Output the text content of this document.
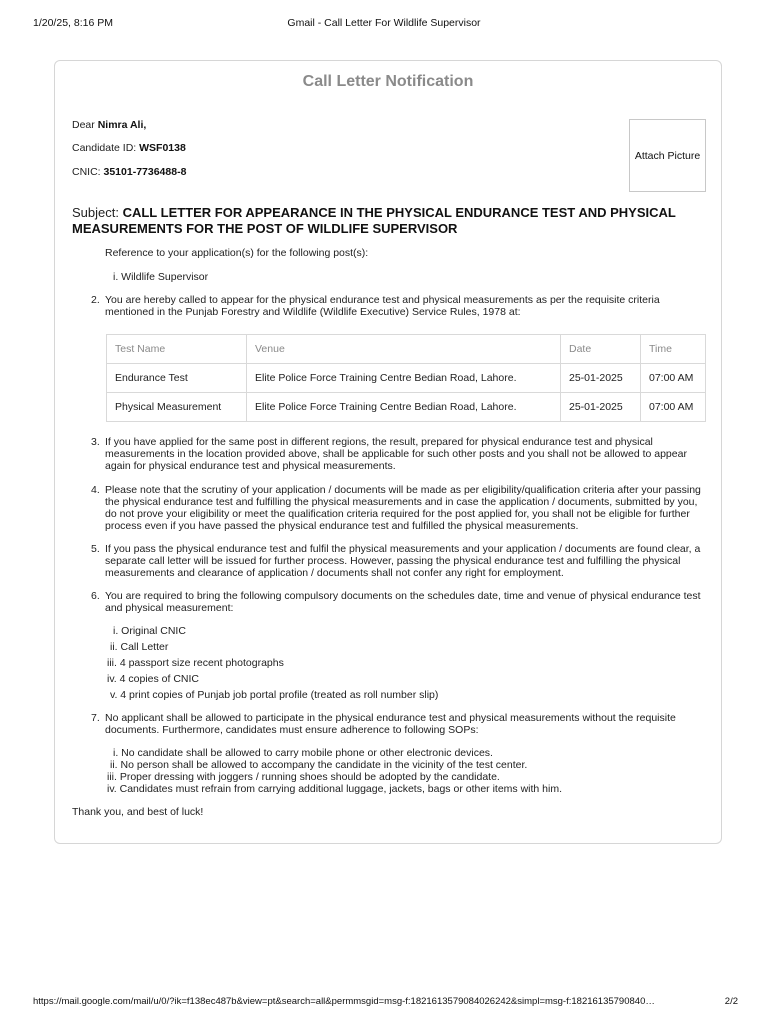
1/20/25, 8:16 PM	Gmail - Call Letter For Wildlife Supervisor
Call Letter Notification
Dear Nimra Ali,
Candidate ID: WSF0138
CNIC: 35101-7736488-8
Attach Picture
Subject: CALL LETTER FOR APPEARANCE IN THE PHYSICAL ENDURANCE TEST AND PHYSICAL MEASUREMENTS FOR THE POST OF WILDLIFE SUPERVISOR
Reference to your application(s) for the following post(s):
i. Wildlife Supervisor
2. You are hereby called to appear for the physical endurance test and physical measurements as per the requisite criteria mentioned in the Punjab Forestry and Wildlife (Wildlife Executive) Service Rules, 1978 at:
Test Name	Venue	Date	Time
Endurance Test	Elite Police Force Training Centre Bedian Road, Lahore.	25-01-2025	07:00 AM
Physical Measurement	Elite Police Force Training Centre Bedian Road, Lahore.	25-01-2025	07:00 AM
3. If you have applied for the same post in different regions, the result, prepared for physical endurance test and physical measurements in the location provided above, shall be applicable for such other posts and you shall not be allowed to appear again for physical endurance test and physical measurements.
4. Please note that the scrutiny of your application / documents will be made as per eligibility/qualification criteria after your passing the physical endurance test and fulfilling the physical measurements and in case the application / documents, submitted by you, do not prove your eligibility or meet the qualification criteria required for the post applied for, you shall not be eligible for further process even if you have passed the physical endurance test and fulfilled the physical measurements.
5. If you pass the physical endurance test and fulfil the physical measurements and your application / documents are found clear, a separate call letter will be issued for further process. However, passing the physical endurance test and fulfilling the physical measurements and clearance of application / documents shall not confer any right for employment.
6. You are required to bring the following compulsory documents on the schedules date, time and venue of physical endurance test and physical measurement:
i. Original CNIC
ii. Call Letter
iii. 4 passport size recent photographs
iv. 4 copies of CNIC
v. 4 print copies of Punjab job portal profile (treated as roll number slip)
7. No applicant shall be allowed to participate in the physical endurance test and physical measurements without the requisite documents. Furthermore, candidates must ensure adherence to following SOPs:
i. No candidate shall be allowed to carry mobile phone or other electronic devices.
ii. No person shall be allowed to accompany the candidate in the vicinity of the test center.
iii. Proper dressing with joggers / running shoes should be adopted by the candidate.
iv. Candidates must refrain from carrying additional luggage, jackets, bags or other items with him.
Thank you, and best of luck!
https://mail.google.com/mail/u/0/?ik=f138ec487b&view=pt&search=all&permmsgid=msg-f:1821613579084026242&simpl=msg-f:18216135790840…	2/2
